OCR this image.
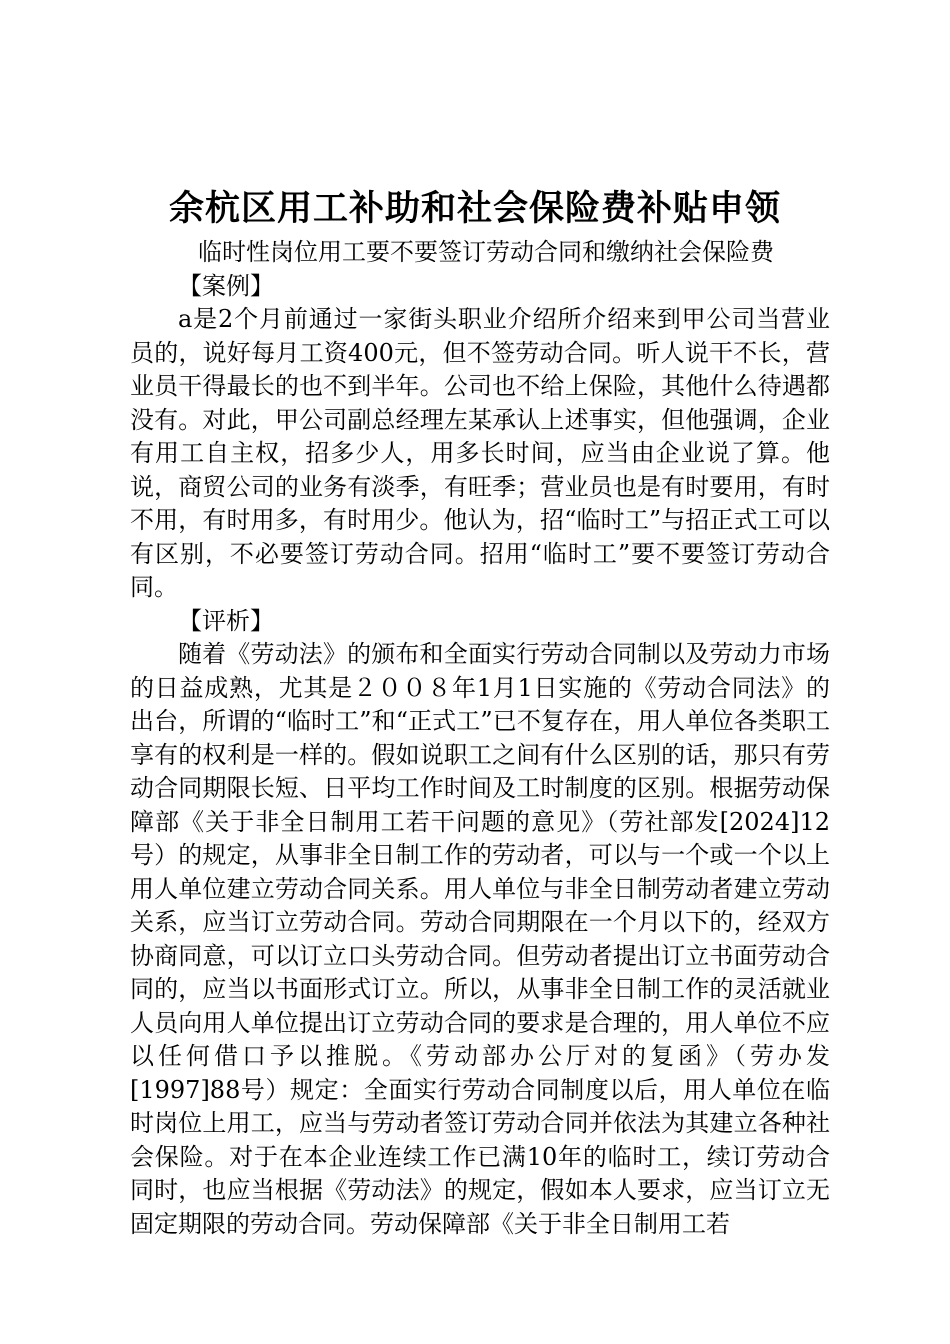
余杭区用工补助和社会保险费补贴申领

临时性岗位用工要不要签订劳动合同和缴纳社会保险费

【案例】

a是2个月前通过一家街头职业介绍所介绍来到甲公司当营业员的，说好每月工资400元，但不签劳动合同。听人说干不长，营业员干得最长的也不到半年。公司也不给上保险，其他什么待遇都没有。对此，甲公司副总经理左某承认上述事实，但他强调，企业有用工自主权，招多少人，用多长时间，应当由企业说了算。他说，商贸公司的业务有淡季，有旺季；营业员也是有时要用，有时不用，有时用多，有时用少。他认为，招“临时工”与招正式工可以有区别，不必要签订劳动合同。招用“临时工”要不要签订劳动合同。

【评析】

随着《劳动法》的颁布和全面实行劳动合同制以及劳动力市场的日益成熟，尤其是２００８年1月1日实施的《劳动合同法》的出台，所谓的“临时工”和“正式工”已不复存在，用人单位各类职工享有的权利是一样的。假如说职工之间有什么区别的话，那只有劳动合同期限长短、日平均工作时间及工时制度的区别。根据劳动保障部《关于非全日制用工若干问题的意见》（劳社部发[2024]12号）的规定，从事非全日制工作的劳动者，可以与一个或一个以上用人单位建立劳动合同关系。用人单位与非全日制劳动者建立劳动关系，应当订立劳动合同。劳动合同期限在一个月以下的，经双方协商同意，可以订立口头劳动合同。但劳动者提出订立书面劳动合同的，应当以书面形式订立。所以，从事非全日制工作的灵活就业人员向用人单位提出订立劳动合同的要求是合理的，用人单位不应以任何借口予以推脱。《劳动部办公厅对的复函》（劳办发[1997]88号）规定：全面实行劳动合同制度以后，用人单位在临时岗位上用工，应当与劳动者签订劳动合同并依法为其建立各种社会保险。对于在本企业连续工作已满10年的临时工，续订劳动合同时，也应当根据《劳动法》的规定，假如本人要求，应当订立无固定期限的劳动合同。劳动保障部《关于非全日制用工若
